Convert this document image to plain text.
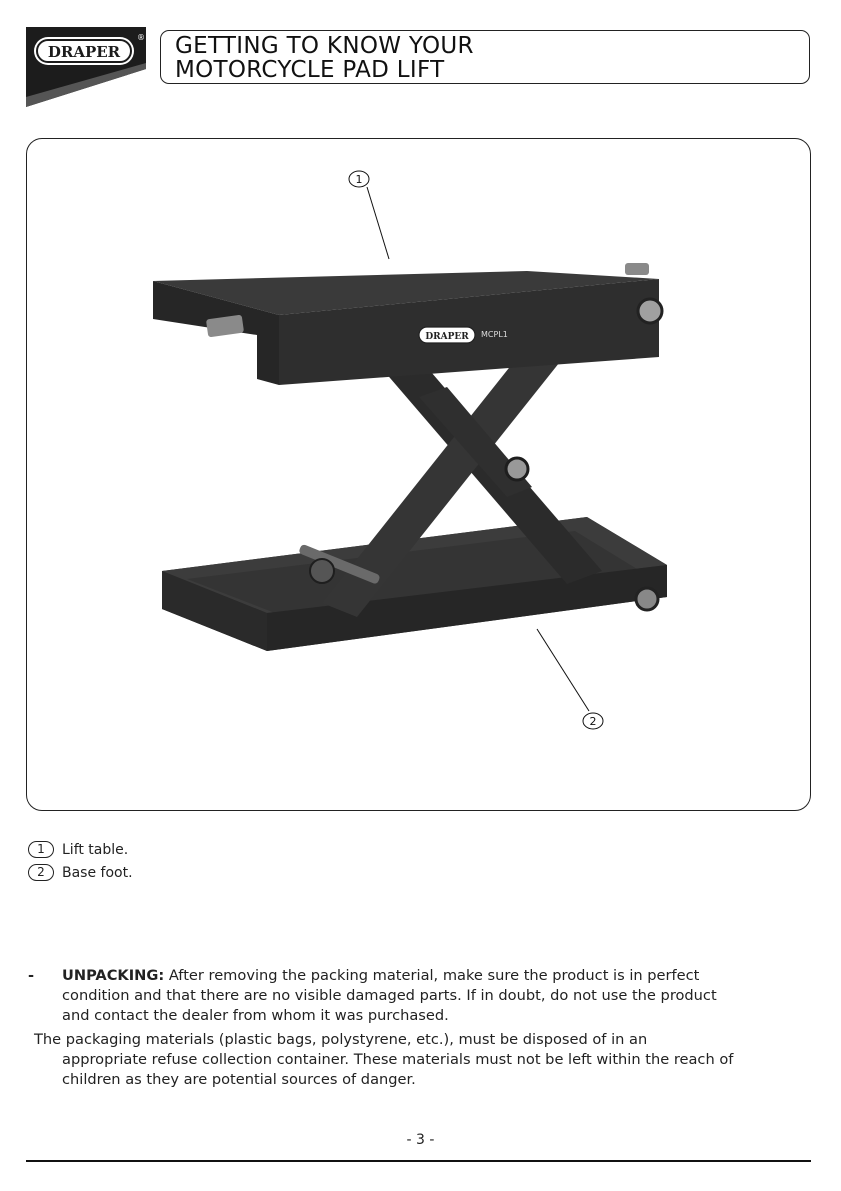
DRAPER
® GETTING TO KNOW YOUR
MOTORCYCLE PAD LIFT
DRAPER MCPL1
1
2
1	Lift table.
2	Base foot.
-	UNPACKING: After removing the packing material, make sure the product is in perfect
condition and that there are no visible damaged parts. If in doubt, do not use the product
and contact the dealer from whom it was purchased.
The packaging materials (plastic bags, polystyrene, etc.), must be disposed of in an
appropriate refuse collection container. These materials must not be left within the reach of
children as they are potential sources of danger.
- 3 -
